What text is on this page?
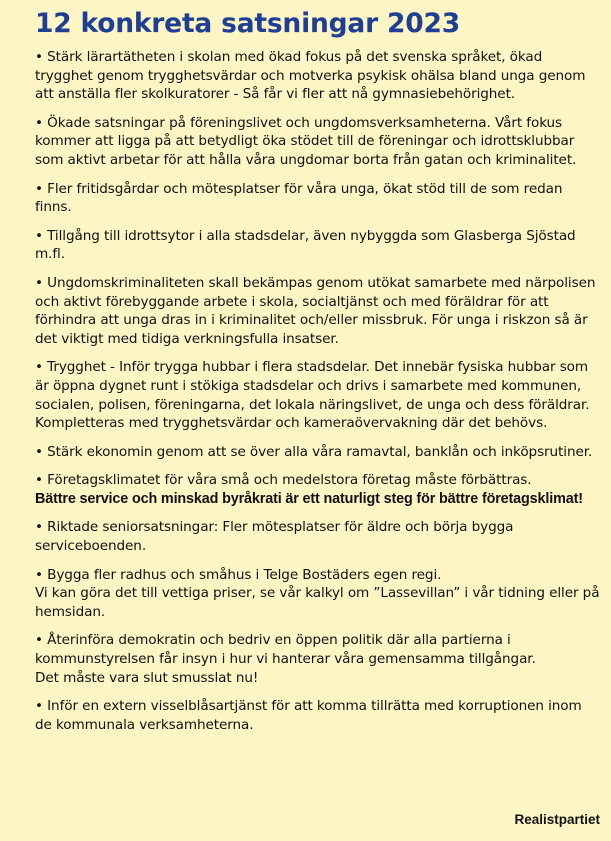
12 konkreta satsningar 2023

• Stärk lärartätheten i skolan med ökad fokus på det svenska språket, ökad trygghet genom trygghetsvärdar och motverka psykisk ohälsa bland unga genom att anställa fler skolkuratorer - Så får vi fler att nå gymnasiebehörighet.

• Ökade satsningar på föreningslivet och ungdomsverksamheterna. Vårt fokus kommer att ligga på att betydligt öka stödet till de föreningar och idrottsklubbar som aktivt arbetar för att hålla våra ungdomar borta från gatan och kriminalitet.

• Fler fritidsgårdar och mötesplatser för våra unga, ökat stöd till de som redan finns.

• Tillgång till idrottsytor i alla stadsdelar, även nybyggda som Glasberga Sjöstad m.fl.

• Ungdomskriminaliteten skall bekämpas genom utökat samarbete med närpolisen och aktivt förebyggande arbete i skola, socialtjänst och med föräldrar för att förhindra att unga dras in i kriminalitet och/eller missbruk. För unga i riskzon så är det viktigt med tidiga verkningsfulla insatser.

• Trygghet - Inför trygga hubbar i flera stadsdelar. Det innebär fysiska hubbar som är öppna dygnet runt i stökiga stadsdelar och drivs i samarbete med kommunen, socialen, polisen, föreningarna, det lokala näringslivet, de unga och dess föräldrar.

Kompletteras med trygghetsvärdar och kameraövervakning där det behövs.

• Stärk ekonomin genom att se över alla våra ramavtal, banklån och inköpsrutiner.

• Företagsklimatet för våra små och medelstora företag måste förbättras.

Bättre service och minskad byråkrati är ett naturligt steg för bättre företagsklimat!

• Riktade seniorsatsningar: Fler mötesplatser för äldre och börja bygga serviceboenden.

• Bygga fler radhus och småhus i Telge Bostäders egen regi.

Vi kan göra det till vettiga priser, se vår kalkyl om ”Lassevillan” i vår tidning eller på hemsidan.

• Återinföra demokratin och bedriv en öppen politik där alla partierna i kommunstyrelsen får insyn i hur vi hanterar våra gemensamma tillgångar.

Det måste vara slut smusslat nu!

• Inför en extern visselblåsartjänst för att komma tillrätta med korruptionen inom de kommunala verksamheterna.

Realistpartiet
